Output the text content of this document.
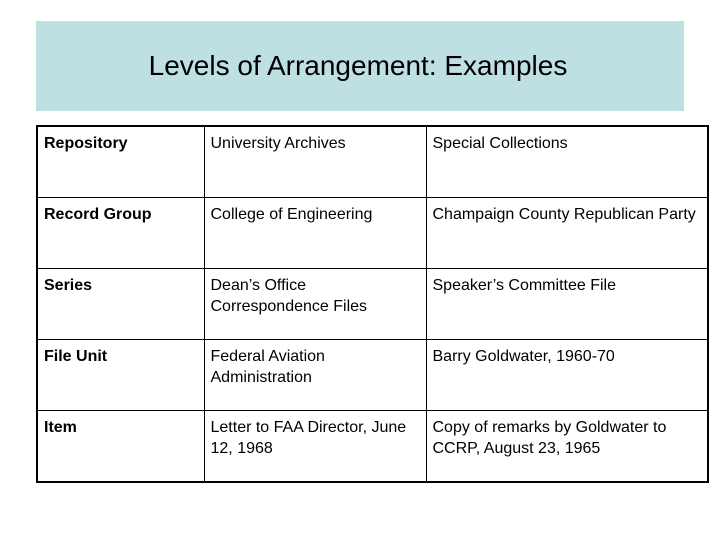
Levels of Arrangement: Examples
Repository	University Archives	Special Collections
Record Group	College of Engineering	Champaign County Republican Party
Series	Dean’s Office Correspondence Files	Speaker’s Committee File
File Unit	Federal Aviation Administration	Barry Goldwater, 1960-70
Item	Letter to FAA Director, June 12, 1968	Copy of remarks by Goldwater to CCRP, August 23, 1965
